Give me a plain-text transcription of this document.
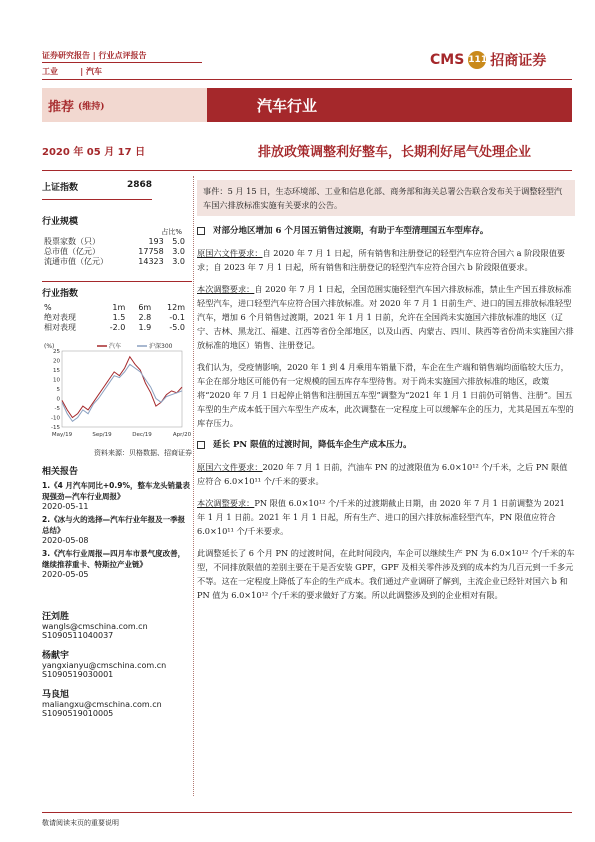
证券研究报告 | 行业点评报告
工业        | 汽车
CMS 111 招商证券
推荐 (维持)	汽车行业
2020 年 05 月 17 日	排放政策调整利好整车，长期利好尾气处理企业
上证指数	2868
行业规模
占比%
股票家数（只）	193	5.0
总市值（亿元）	17758	3.0
流通市值（亿元）	14323	3.0
行业指数
%	1m	6m	12m
绝对表现	1.5	2.8	-0.1
相对表现	-2.0	1.9	-5.0
(%)
25
20
15
10
5
0
-5
-10
-15
May/19	Sep/19	Dec/19	Apr/20
汽车	沪深300
资料来源：贝格数据、招商证券
相关报告
1.《4 月汽车同比+0.9%，整车龙头销量表现强劲—汽车行业周报》
2020-05-11
2.《冰与火的选择—汽车行业年报及一季报总结》
2020-05-08
3.《汽车行业周报—四月车市景气度改善，继续推荐重卡、特斯拉产业链》
2020-05-05
汪刘胜
wangls@cmschina.com.cn
S1090511040037
杨献宇
yangxianyu@cmschina.com.cn
S1090519030001
马良旭
maliangxu@cmschina.com.cn
S1090519010005

事件：5 月 15 日，生态环境部、工业和信息化部、商务部和海关总署公告联合发布关于调整轻型汽车国六排放标准实施有关要求的公告。

对部分地区增加 6 个月国五销售过渡期，有助于车型清理国五车型库存。

原国六文件要求：自 2020 年 7 月 1 日起，所有销售和注册登记的轻型汽车应符合国六 a 阶段限值要求；自 2023 年 7 月 1 日起，所有销售和注册登记的轻型汽车应符合国六 b 阶段限值要求。

本次调整要求：自 2020 年 7 月 1 日起，全国范围实施轻型汽车国六排放标准，禁止生产国五排放标准轻型汽车，进口轻型汽车应符合国六排放标准。对 2020 年 7 月 1 日前生产、进口的国五排放标准轻型汽车，增加 6 个月销售过渡期，2021 年 1 月 1 日前，允许在全国尚未实施国六排放标准的地区（辽宁、吉林、黑龙江、福建、江西等省份全部地区，以及山西、内蒙古、四川、陕西等省份尚未实施国六排放标准的地区）销售、注册登记。

我们认为，受疫情影响，2020 年 1 到 4 月乘用车销量下滑，车企在生产端和销售端均面临较大压力，车企在部分地区可能仍有一定规模的国五库存车型待售。对于尚未实施国六排放标准的地区，政策将“2020 年 7 月 1 日起停止销售和注册国五车型”调整为“2021 年 1 月 1 日前仍可销售、注册”。国五车型的生产成本低于国六车型生产成本，此次调整在一定程度上可以缓解车企的压力，尤其是国五车型的库存压力。

延长 PN 限值的过渡时间，降低车企生产成本压力。

原国六文件要求：2020 年 7 月 1 日前，汽油车 PN 的过渡限值为 6.0×10¹² 个/千米，之后 PN 限值应符合 6.0×10¹¹ 个/千米的要求。

本次调整要求：PN 限值 6.0×10¹² 个/千米的过渡期截止日期，由 2020 年 7 月 1 日前调整为 2021 年 1 月 1 日前。2021 年 1 月 1 日起，所有生产、进口的国六排放标准轻型汽车，PN 限值应符合 6.0×10¹¹ 个/千米要求。

此调整延长了 6 个月 PN 的过渡时间，在此时间段内，车企可以继续生产 PN 为 6.0×10¹² 个/千米的车型，不同排放限值的差别主要在于是否安装 GPF，GPF 及相关零件涉及到的成本约为几百元到一千多元不等。这在一定程度上降低了车企的生产成本。我们通过产业调研了解到，主流企业已经针对国六 b 和 PN 值为 6.0×10¹² 个/千米的要求做好了方案。所以此调整涉及到的企业相对有限。

敬请阅读末页的重要说明
